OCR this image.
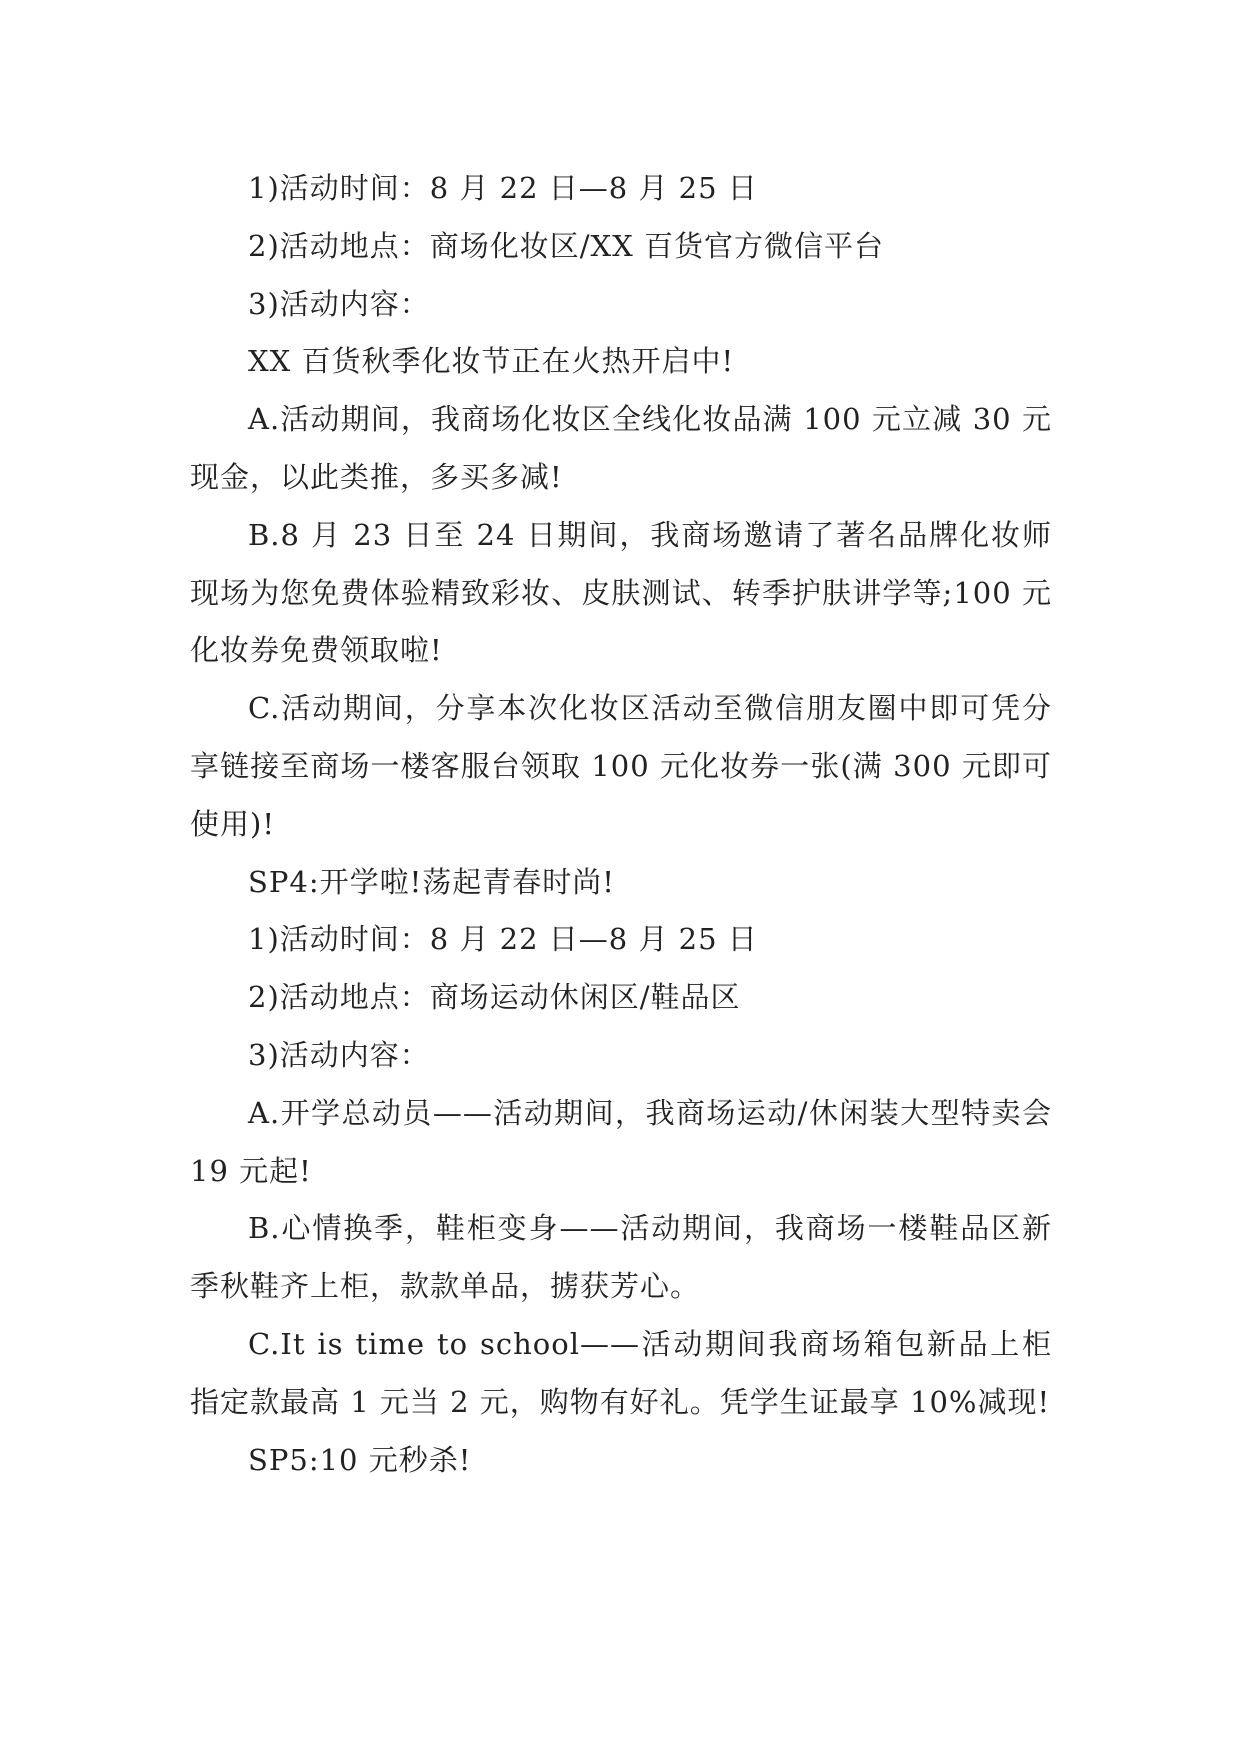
1)活动时间：8 月 22 日—8 月 25 日

2)活动地点：商场化妆区/XX 百货官方微信平台

3)活动内容：

XX 百货秋季化妆节正在火热开启中!

A.活动期间，我商场化妆区全线化妆品满 100 元立减 30 元现金，以此类推，多买多减!

B.8 月 23 日至 24 日期间，我商场邀请了著名品牌化妆师现场为您免费体验精致彩妆、皮肤测试、转季护肤讲学等;100 元化妆券免费领取啦!

C.活动期间，分享本次化妆区活动至微信朋友圈中即可凭分享链接至商场一楼客服台领取 100 元化妆券一张(满 300 元即可使用)!

SP4:开学啦!荡起青春时尚!

1)活动时间：8 月 22 日—8 月 25 日

2)活动地点：商场运动休闲区/鞋品区

3)活动内容：

A.开学总动员——活动期间，我商场运动/休闲装大型特卖会 19 元起!

B.心情换季，鞋柜变身——活动期间，我商场一楼鞋品区新季秋鞋齐上柜，款款单品，掳获芳心。

C.It is time to school——活动期间我商场箱包新品上柜指定款最高 1 元当 2 元，购物有好礼。凭学生证最享 10%减现!

SP5:10 元秒杀!
